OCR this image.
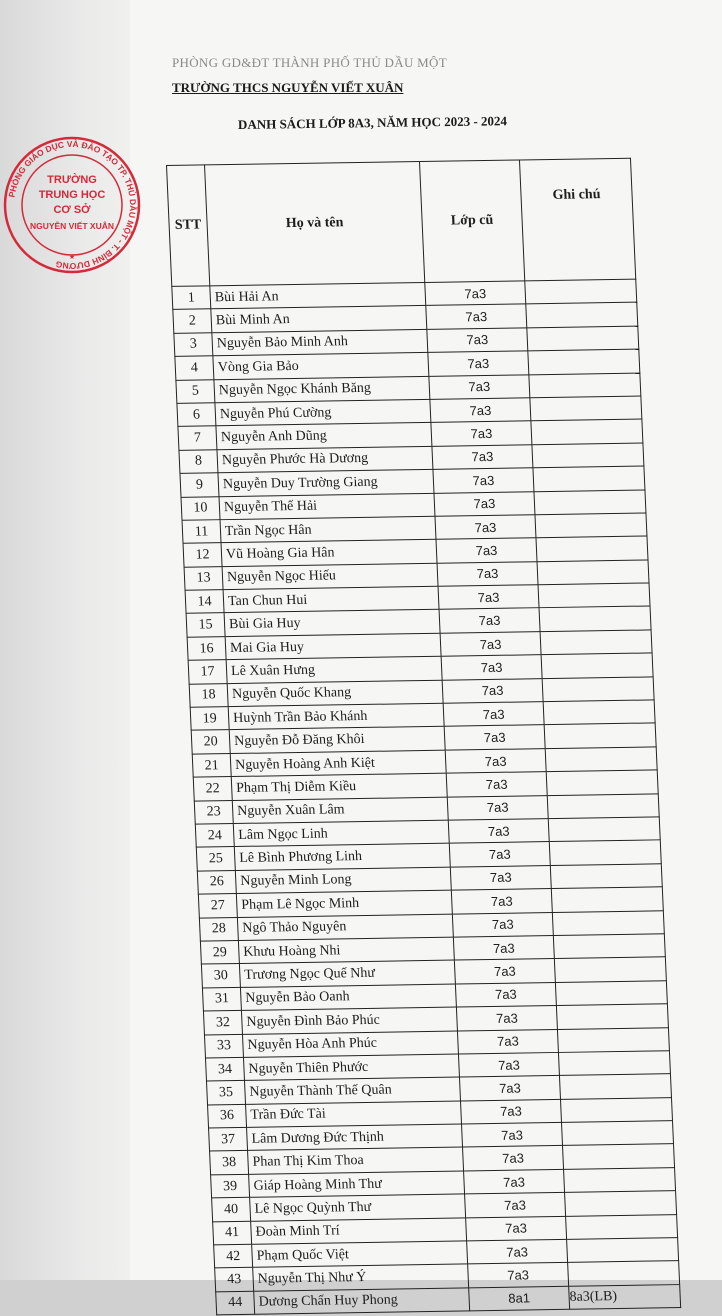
PHÒNG GD&ĐT THÀNH PHỐ THỦ DẦU MỘT
TRƯỜNG THCS NGUYỄN VIẾT XUÂN
DANH SÁCH LỚP 8A3, NĂM HỌC 2023 - 2024
PHÒNG GIÁO DỤC VÀ ĐÀO TẠO TP. THỦ DẦU MỘT - T. BÌNH DƯƠNG
TRƯỜNG
TRUNG HỌC
CƠ SỞ
NGUYỄN VIẾT XUÂN
★
STT	Họ và tên	Lớp cũ	Ghi chú
1	Bùi Hải An	7a3	
2	Bùi Minh An	7a3	
3	Nguyễn Bảo Minh Anh	7a3	
4	Vòng Gia Bảo	7a3	
5	Nguyễn Ngọc Khánh Băng	7a3	
6	Nguyễn Phú Cường	7a3	
7	Nguyễn Anh Dũng	7a3	
8	Nguyễn Phước Hà Dương	7a3	
9	Nguyễn Duy Trường Giang	7a3	
10	Nguyễn Thế Hải	7a3	
11	Trần Ngọc Hân	7a3	
12	Vũ Hoàng Gia Hân	7a3	
13	Nguyễn Ngọc Hiếu	7a3	
14	Tan Chun Hui	7a3	
15	Bùi Gia Huy	7a3	
16	Mai Gia Huy	7a3	
17	Lê Xuân Hưng	7a3	
18	Nguyễn Quốc Khang	7a3	
19	Huỳnh Trần Bảo Khánh	7a3	
20	Nguyễn Đỗ Đăng Khôi	7a3	
21	Nguyễn Hoàng Anh Kiệt	7a3	
22	Phạm Thị Diễm Kiều	7a3	
23	Nguyễn Xuân Lâm	7a3	
24	Lâm Ngọc Linh	7a3	
25	Lê Bình Phương Linh	7a3	
26	Nguyễn Minh Long	7a3	
27	Phạm Lê Ngọc Minh	7a3	
28	Ngô Thảo Nguyên	7a3	
29	Khưu Hoàng Nhi	7a3	
30	Trương Ngọc Quế Như	7a3	
31	Nguyễn Bảo Oanh	7a3	
32	Nguyễn Đình Bảo Phúc	7a3	
33	Nguyễn Hòa Anh Phúc	7a3	
34	Nguyễn Thiên Phước	7a3	
35	Nguyễn Thành Thế Quân	7a3	
36	Trần Đức Tài	7a3	
37	Lâm Dương Đức Thịnh	7a3	
38	Phan Thị Kim Thoa	7a3	
39	Giáp Hoàng Minh Thư	7a3	
40	Lê Ngọc Quỳnh Thư	7a3	
41	Đoàn Minh Trí	7a3	
42	Phạm Quốc Việt	7a3	
43	Nguyễn Thị Như Ý	7a3	
44	Dương Chấn Huy Phong	8a1	8a3(LB)
